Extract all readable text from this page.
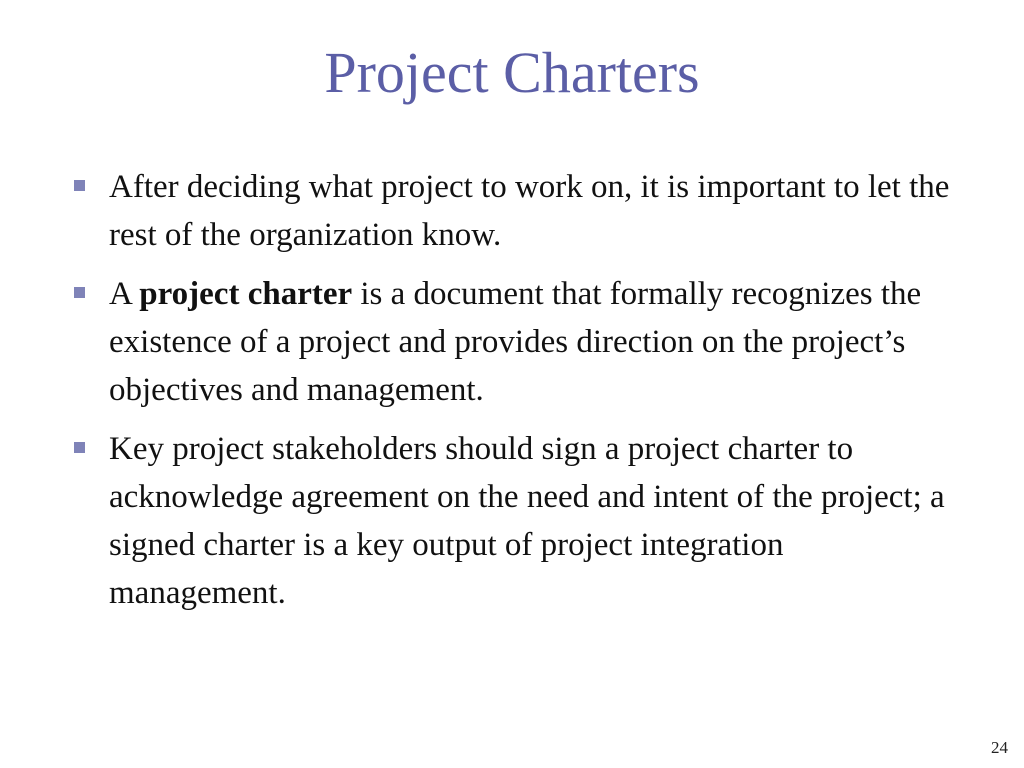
Project Charters
After deciding what project to work on, it is important to let the rest of the organization know.
A project charter is a document that formally recognizes the existence of a project and provides direction on the project’s objectives and management.
Key project stakeholders should sign a project charter to acknowledge agreement on the need and intent of the project; a signed charter is a key output of project integration management.
24
